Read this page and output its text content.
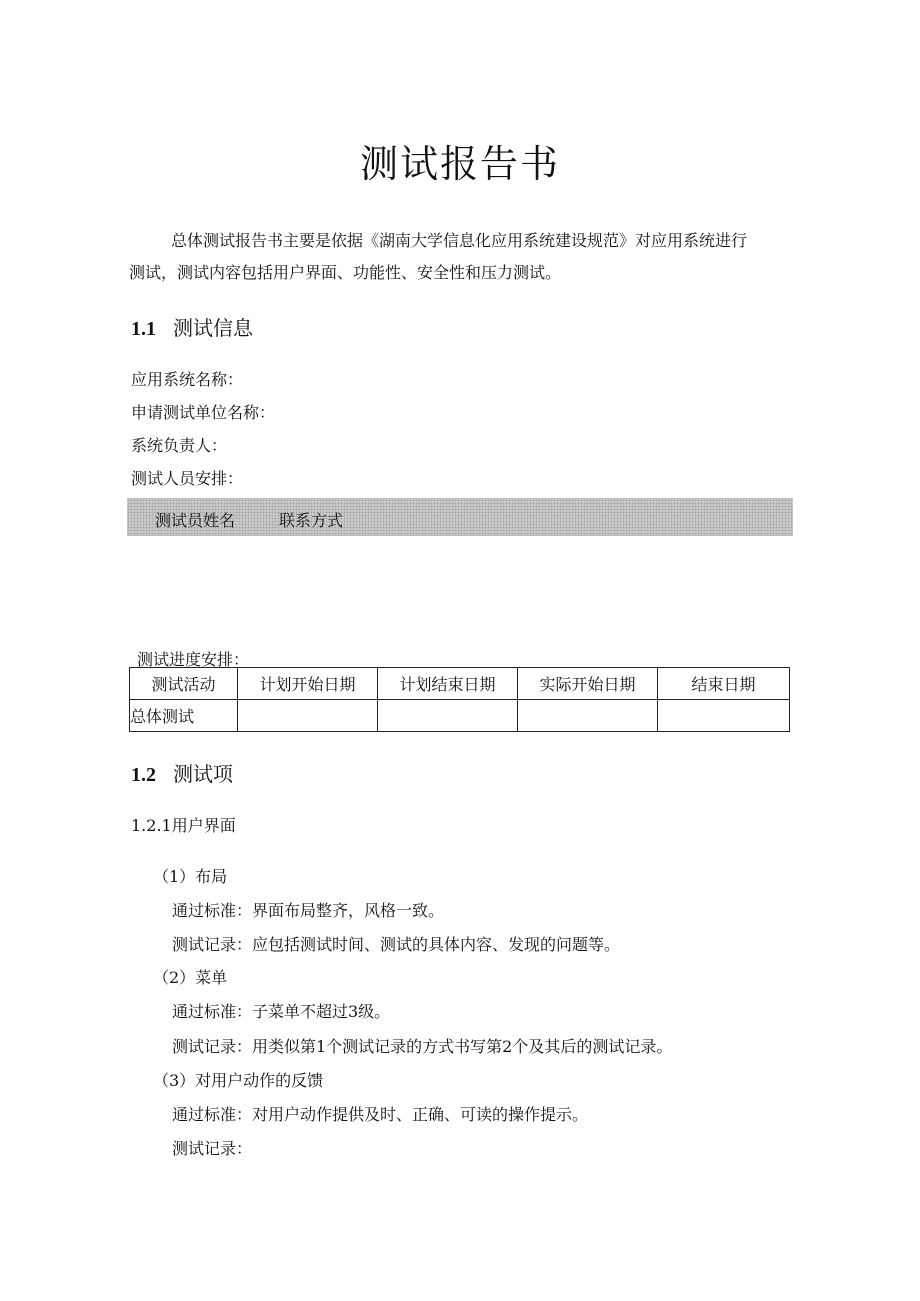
测试报告书
总体测试报告书主要是依据《湖南大学信息化应用系统建设规范》对应用系统进行
测试，测试内容包括用户界面、功能性、安全性和压力测试。
1.1 测试信息
应用系统名称：
申请测试单位名称：
系统负责人：
测试人员安排：
测试员姓名	联系方式
测试进度安排：
测试活动	计划开始日期	计划结束日期	实际开始日期	结束日期
总体测试				
1.2 测试项
1.2.1用户界面
（1）布局
通过标准：界面布局整齐，风格一致。
测试记录：应包括测试时间、测试的具体内容、发现的问题等。
（2）菜单
通过标准：子菜单不超过3级。
测试记录：用类似第1个测试记录的方式书写第2个及其后的测试记录。
（3）对用户动作的反馈
通过标准：对用户动作提供及时、正确、可读的操作提示。
测试记录：
